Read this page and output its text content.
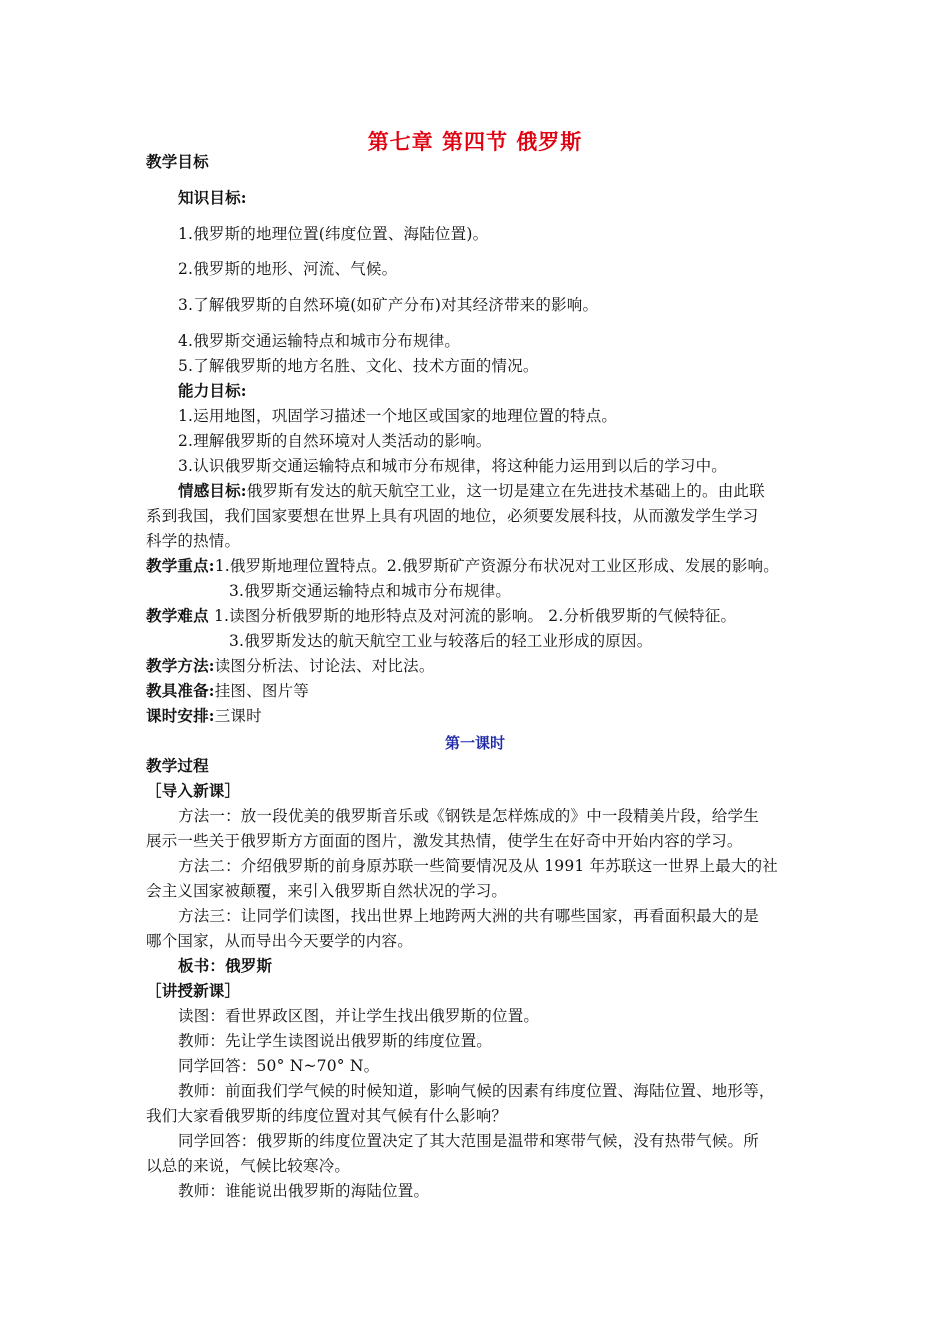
第七章 第四节 俄罗斯
教学目标
知识目标:
1.俄罗斯的地理位置(纬度位置、海陆位置)。
2.俄罗斯的地形、河流、气候。
3.了解俄罗斯的自然环境(如矿产分布)对其经济带来的影响。
4.俄罗斯交通运输特点和城市分布规律。
5.了解俄罗斯的地方名胜、文化、技术方面的情况。
能力目标:
1.运用地图，巩固学习描述一个地区或国家的地理位置的特点。
2.理解俄罗斯的自然环境对人类活动的影响。
3.认识俄罗斯交通运输特点和城市分布规律，将这种能力运用到以后的学习中。
情感目标:俄罗斯有发达的航天航空工业，这一切是建立在先进技术基础上的。由此联
系到我国，我们国家要想在世界上具有巩固的地位，必须要发展科技，从而激发学生学习
科学的热情。
教学重点:1.俄罗斯地理位置特点。2.俄罗斯矿产资源分布状况对工业区形成、发展的影响。
3.俄罗斯交通运输特点和城市分布规律。
教学难点 1.读图分析俄罗斯的地形特点及对河流的影响。 2.分析俄罗斯的气候特征。
3.俄罗斯发达的航天航空工业与较落后的轻工业形成的原因。
教学方法:读图分析法、讨论法、对比法。
教具准备:挂图、图片等
课时安排:三课时
第一课时
教学过程
［导入新课］
方法一：放一段优美的俄罗斯音乐或《钢铁是怎样炼成的》中一段精美片段，给学生
展示一些关于俄罗斯方方面面的图片，激发其热情，使学生在好奇中开始内容的学习。
方法二：介绍俄罗斯的前身原苏联一些简要情况及从 1991 年苏联这一世界上最大的社
会主义国家被颠覆，来引入俄罗斯自然状况的学习。
方法三：让同学们读图，找出世界上地跨两大洲的共有哪些国家，再看面积最大的是
哪个国家，从而导出今天要学的内容。
板书：俄罗斯
［讲授新课］
读图：看世界政区图，并让学生找出俄罗斯的位置。
教师：先让学生读图说出俄罗斯的纬度位置。
同学回答：50° N~70° N。
教师：前面我们学气候的时候知道，影响气候的因素有纬度位置、海陆位置、地形等，
我们大家看俄罗斯的纬度位置对其气候有什么影响？
同学回答：俄罗斯的纬度位置决定了其大范围是温带和寒带气候，没有热带气候。所
以总的来说，气候比较寒冷。
教师：谁能说出俄罗斯的海陆位置。
